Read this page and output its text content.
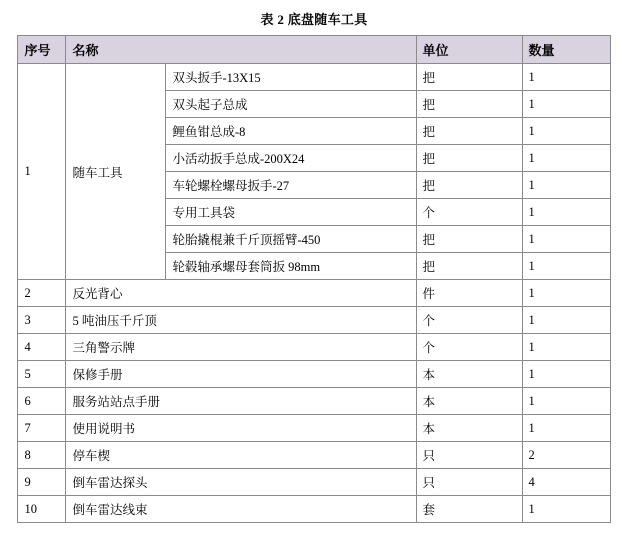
表 2 底盘随车工具
序号	名称		单位	数量
1	随车工具	双头扳手-13X15	把	1
		双头起子总成	把	1
		鲤鱼钳总成-8	把	1
		小活动扳手总成-200X24	把	1
		车轮螺栓螺母扳手-27	把	1
		专用工具袋	个	1
		轮胎撬棍兼千斤顶摇臂-450	把	1
		轮毂轴承螺母套筒扳 98mm	把	1
2	反光背心		件	1
3	5 吨油压千斤顶		个	1
4	三角警示牌		个	1
5	保修手册		本	1
6	服务站站点手册		本	1
7	使用说明书		本	1
8	停车楔		只	2
9	倒车雷达探头		只	4
10	倒车雷达线束		套	1
